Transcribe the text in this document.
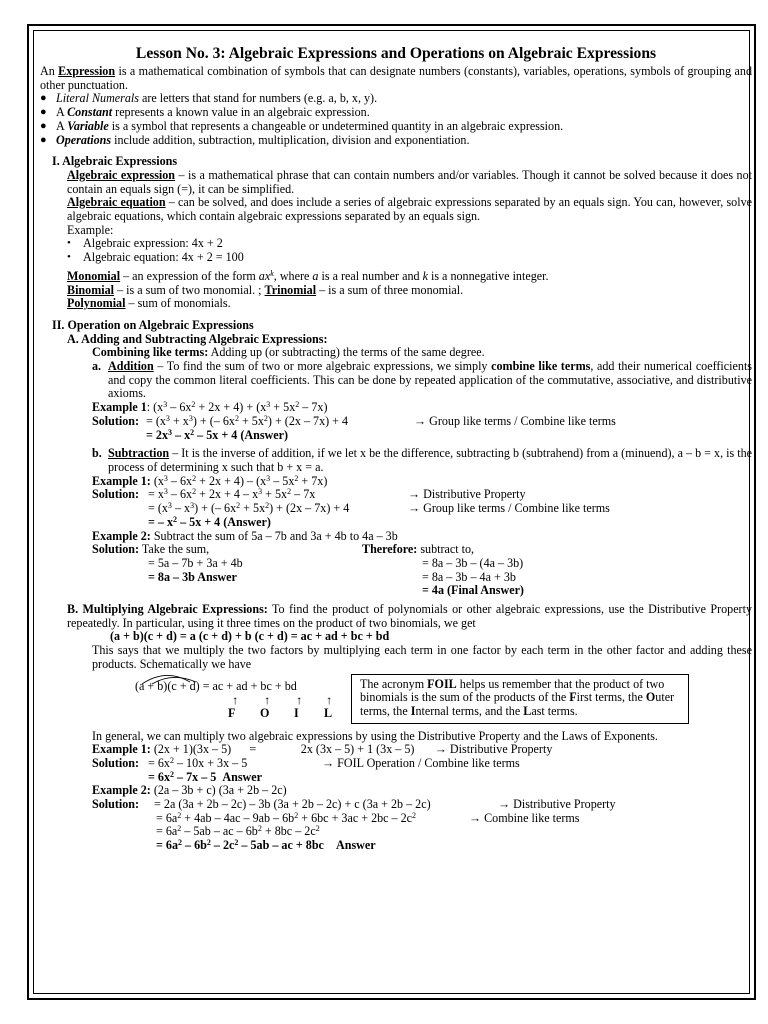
Lesson No. 3: Algebraic Expressions and Operations on Algebraic Expressions

An Expression is a mathematical combination of symbols that can designate numbers (constants), variables, operations, symbols of grouping and other punctuation.

● Literal Numerals are letters that stand for numbers (e.g. a, b, x, y).
● A Constant represents a known value in an algebraic expression.
● A Variable is a symbol that represents a changeable or undetermined quantity in an algebraic expression.
● Operations include addition, subtraction, multiplication, division and exponentiation.
I. Algebraic Expressions

Algebraic expression – is a mathematical phrase that can contain numbers and/or variables. Though it cannot be solved because it does not contain an equals sign (=), it can be simplified.

Algebraic equation – can be solved, and does include a series of algebraic expressions separated by an equals sign. You can, however, solve algebraic equations, which contain algebraic expressions separated by an equals sign.

Example:

•	Algebraic expression: 4x + 2
•	Algebraic equation: 4x + 2 = 100

Monomial – an expression of the form $ax^k$, where a is a real number and k is a nonnegative integer.

Binomial – is a sum of two monomial. ; Trinomial – is a sum of three monomial.

Polynomial – sum of monomials.

II. Operation on Algebraic Expressions
A. Adding and Subtracting Algebraic Expressions:
Combining like terms: Adding up (or subtracting) the terms of the same degree.
a. Addition – To find the sum of two or more algebraic expressions, we simply combine like terms, add their numerical coefficients and copy the common literal coefficients. This can be done by repeated application of the commutative, associative, and distributive axioms.
Example 1 : $(x^3 - 6x^2 + 2x + 4) + (x^3 + 5x^2 - 7x)$
Solution: = $(x^3 + x^3)$ + (– $6x^2 + 5x^2) + (2x - 7x) + 4$	→ Group like terms / Combine like terms
= $2x^3 - x^2 - 5x + 4$ (Answer)
b. Subtraction – It is the inverse of addition, if we let x be the difference, subtracting b (subtrahend) from a (minuend), a – b = x, is the process of determining x such that b + x = a.
Example 1: $(x^3 - 6x^2 + 2x + 4) - (x^3 - 5x^2 + 7x)$
Solution: = $x^3 - 6x^2 + 2x + 4 - x^3 + 5x^2 - 7x$	→ Distributive Property
= $(x^3 - x^3)$ + (– $6x^2 + 5x^2) + (2x - 7x) + 4$	→ Group like terms / Combine like terms
= – $x^2 - 5x + 4$ (Answer)
Example 2: Subtract the sum of 5a – 7b and 3a + 4b to 4a – 3b
Solution: Take the sum,	Therefore: subtract to,
= 5a – 7b + 3a + 4b	= 8a – 3b – (4a – 3b)
= 8a – 3b Answer	= 8a – 3b – 4a + 3b
= 4a (Final Answer)
B. Multiplying Algebraic Expressions: To find the product of polynomials or other algebraic expressions, use the Distributive Property repeatedly. In particular, using it three times on the product of two binomials, we get
(a + b)(c + d) = a (c + d) + b (c + d) = ac + ad + bc + bd
This says that we multiply the two factors by multiplying each term in one factor by each term in the other factor and adding these products. Schematically we have
(a + b)(c + d) = ac + ad + bc + bd
↑ ↑ ↑ ↑
F O I L
The acronym FOIL helps us remember that the product of two binomials is the sum of the products of the First terms, the Outer terms, the Internal terms, and the Last terms.
In general, we can multiply two algebraic expressions by using the Distributive Property and the Laws of Exponents.
Example 1: (2x + 1)(3x – 5)      =	2x (3x – 5) + 1 (3x – 5)	→ Distributive Property
Solution: = $6x^2 - 10x + 3x - 5$	→ FOIL Operation / Combine like terms
= $6x^2 - 7x - 5$  Answer
Example 2: (2a – 3b + c) (3a + 2b – 2c)
Solution: = 2a (3a + 2b – 2c) – 3b (3a + 2b – 2c) + c (3a + 2b – 2c)	→ Distributive Property
= $6a^2 + 4ab - 4ac - 9ab - 6b^2 + 6bc + 3ac + 2bc - 2c^2$	→ Combine like terms
= $6a^2 - 5ab$ – ac – $6b^2 + 8bc - 2c^2$
= $6a^2 - 6b^2 - 2c^2 - 5ab$ – ac + 8bc    Answer
